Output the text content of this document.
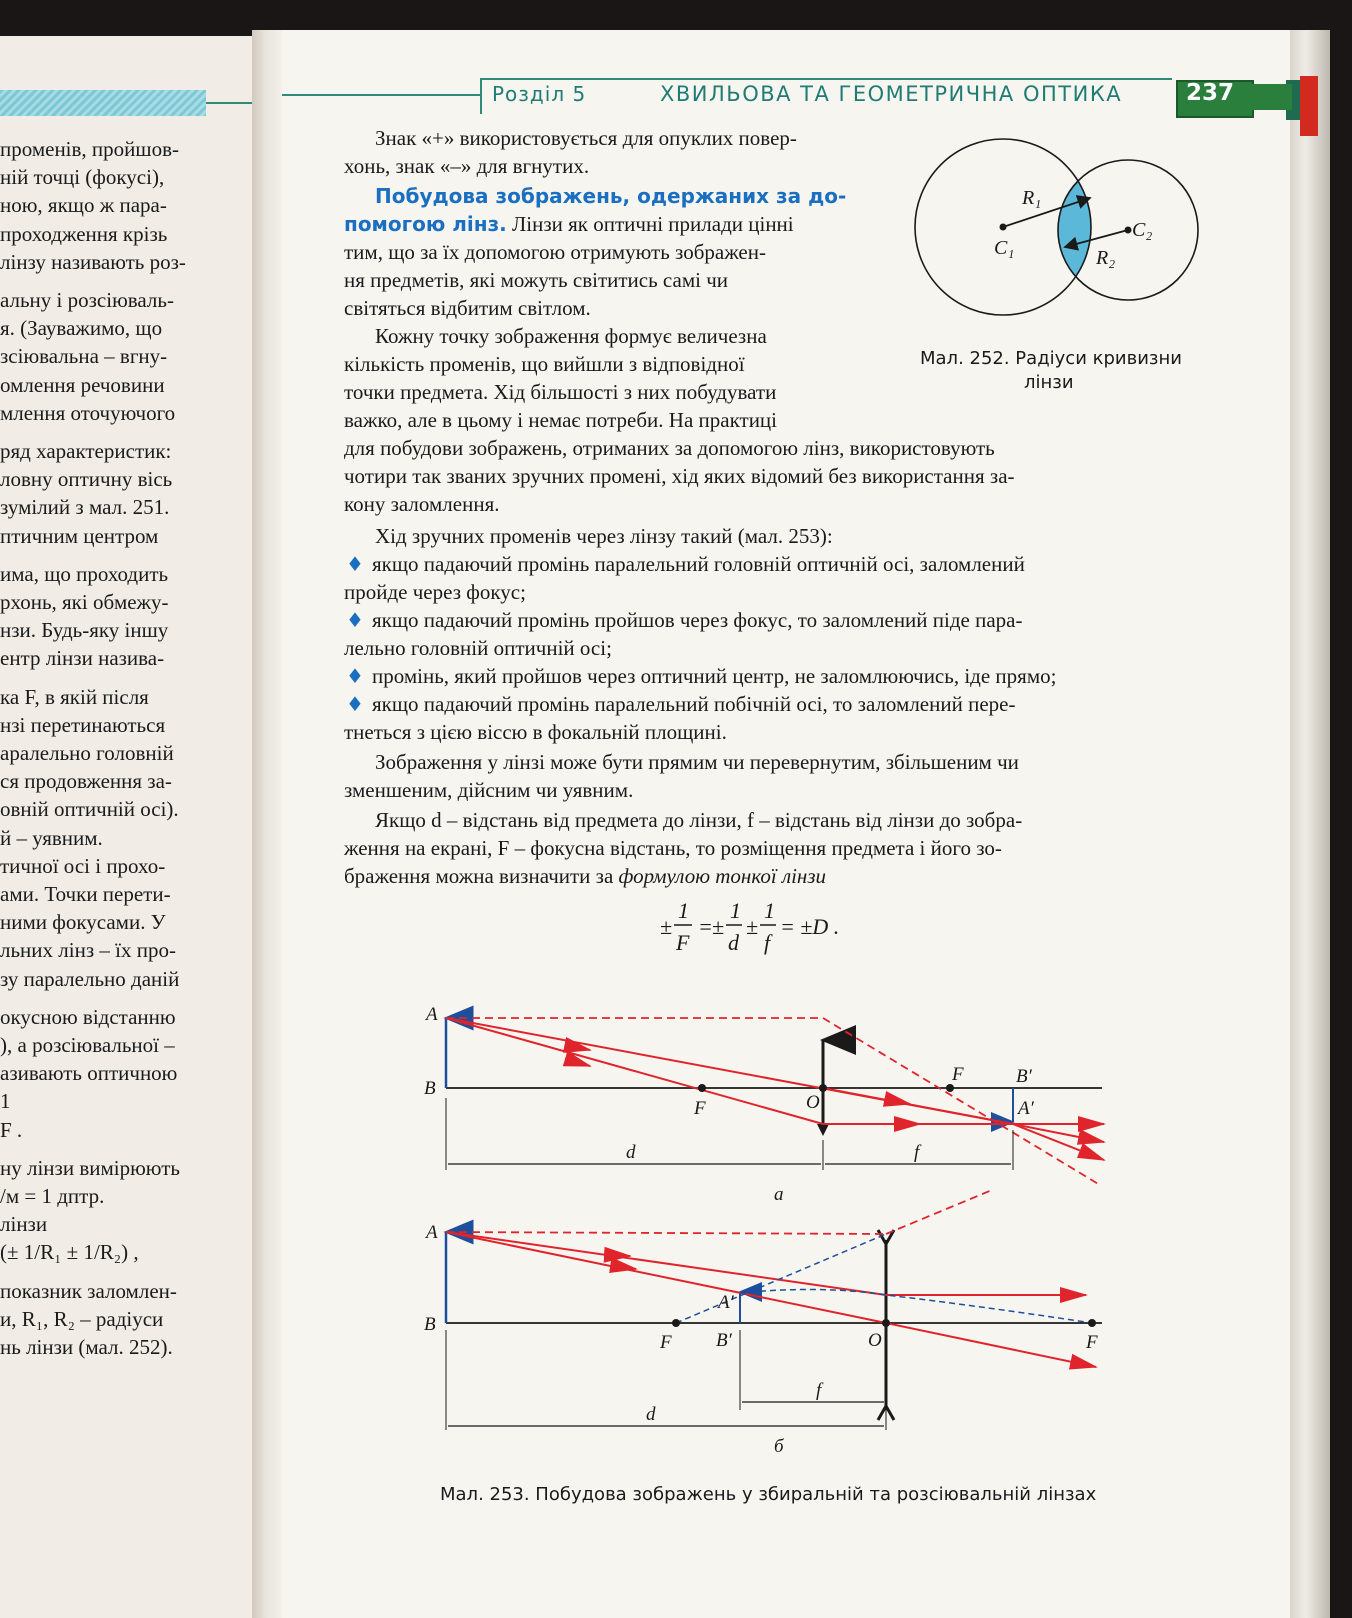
променів, пройшов-
ній точці (фокусі),
ною, якщо ж пара-
проходження крізь
лінзу називають роз-
альну і розсіюваль-
я. (Зауважимо, що
зсіювальна – вгну-
омлення речовини
млення оточуючого
ряд характеристик:
ловну оптичну вісь
зумілий з мал. 251.
птичним центром
има, що проходить
рхонь, які обмежу-
нзи. Будь-яку іншу
ентр лінзи назива-
ка F, в якій після
нзі перетинаються
аралельно головній
ся продовження за-
овній оптичній осі).
й – уявним.
тичної осі і прохо-
ами. Точки перети-
ними фокусами. У
льних лінз – їх про-
зу паралельно даній
окусною відстанню
), а розсіювальної –
азивають оптичною
1
F .
ну лінзи вимірюють
/м = 1 дптр.
лінзи
(± 1/R₁ ± 1/R₂) ,
показник заломлен-
и, R₁, R₂ – радіуси
нь лінзи (мал. 252).
Розділ 5	ХВИЛЬОВА ТА ГЕОМЕТРИЧНА ОПТИКА	237
Знак «+» використовується для опуклих повер-
хонь, знак «–» для вгнутих.
Побудова зображень, одержаних за до-
помогою лінз. Лінзи як оптичні прилади цінні
тим, що за їх допомогою отримують зображен-
ня предметів, які можуть світитись самі чи
світяться відбитим світлом.
Кожну точку зображення формує величезна
кількість променів, що вийшли з відповідної
точки предмета. Хід більшості з них побудувати
важко, але в цьому і немає потреби. На практиці
для побудови зображень, отриманих за допомогою лінз, використовують
чотири так званих зручних промені, хід яких відомий без використання за-
кону заломлення.
Хід зручних променів через лінзу такий (мал. 253):
♦ якщо падаючий промінь паралельний головній оптичній осі, заломлений
пройде через фокус;
♦ якщо падаючий промінь пройшов через фокус, то заломлений піде пара-
лельно головній оптичній осі;
♦ промінь, який пройшов через оптичний центр, не заломлюючись, іде прямо;
♦ якщо падаючий промінь паралельний побічній осі, то заломлений пере-
тнеться з цією віссю в фокальній площині.
Зображення у лінзі може бути прямим чи перевернутим, збільшеним чи
зменшеним, дійсним чи уявним.
Якщо d – відстань від предмета до лінзи, f – відстань від лінзи до зобра-
ження на екрані, F – фокусна відстань, то розміщення предмета і його зо-
браження можна визначити за формулою тонкої лінзи
±
1
F
= ±
1
d
±
1
f
= ±D .
R₁
C₁
C₂
R₂
Мал. 252. Радіуси кривизни
лінзи
A
B
F	O
F	B′
A′
d	f
а
A
B
F
A′
B′	O	F
f
d
б
Мал. 253. Побудова зображень у збиральній та розсіювальній лінзах
